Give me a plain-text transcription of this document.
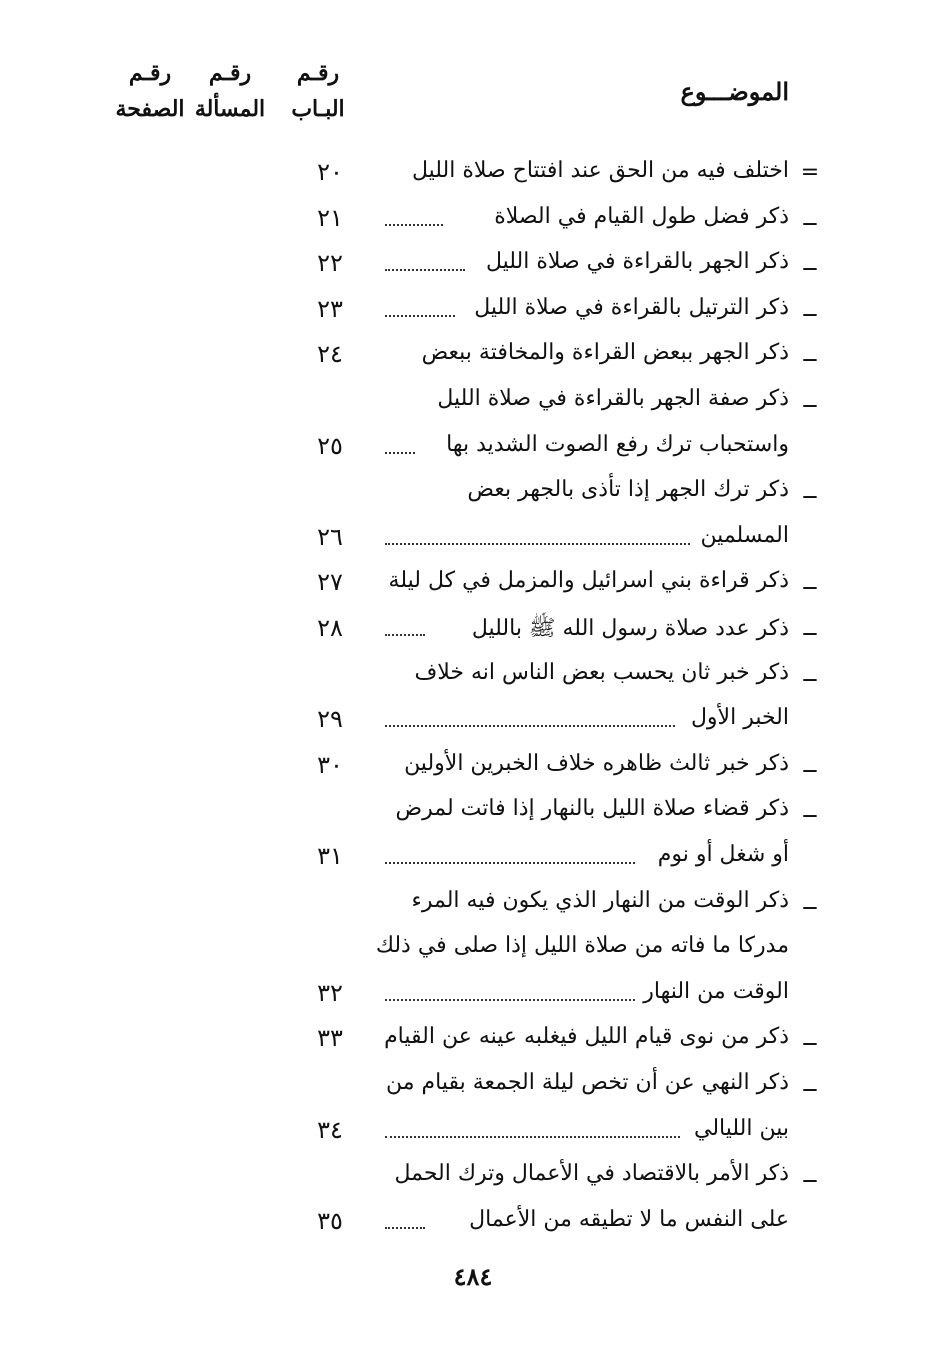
الموضـــوع
رقـم
البـاب
رقـم
المسألة
رقـم
الصفحة
=
اختلف فيه من الحق عند افتتاح صلاة الليل
٢٠
ــ
ذكر فضل طول القيام في الصلاة
٢١
ــ
ذكر الجهر بالقراءة في صلاة الليل
٢٢
ــ
ذكر الترتيل بالقراءة في صلاة الليل
٢٣
ــ
ذكر الجهر ببعض القراءة والمخافتة ببعض
٢٤
ــ
ذكر صفة الجهر بالقراءة في صلاة الليل
واستحباب ترك رفع الصوت الشديد بها
٢٥
ــ
ذكر ترك الجهر إذا تأذى بالجهر بعض
المسلمين
٢٦
ــ
ذكر قراءة بني اسرائيل والمزمل في كل ليلة
٢٧
ــ
ذكر عدد صلاة رسول الله ﷺ بالليل
٢٨
ــ
ذكر خبر ثان يحسب بعض الناس انه خلاف
الخبر الأول
٢٩
ــ
ذكر خبر ثالث ظاهره خلاف الخبرين الأولين
٣٠
ــ
ذكر قضاء صلاة الليل بالنهار إذا فاتت لمرض
أو شغل أو نوم
٣١
ــ
ذكر الوقت من النهار الذي يكون فيه المرء
مدركا ما فاته من صلاة الليل إذا صلى في ذلك
الوقت من النهار
٣٢
ــ
ذكر من نوى قيام الليل فيغلبه عينه عن القيام
٣٣
ــ
ذكر النهي عن أن تخص ليلة الجمعة بقيام من
بين الليالي
٣٤
ــ
ذكر الأمر بالاقتصاد في الأعمال وترك الحمل
على النفس ما لا تطيقه من الأعمال
٣٥
٤٨٤
